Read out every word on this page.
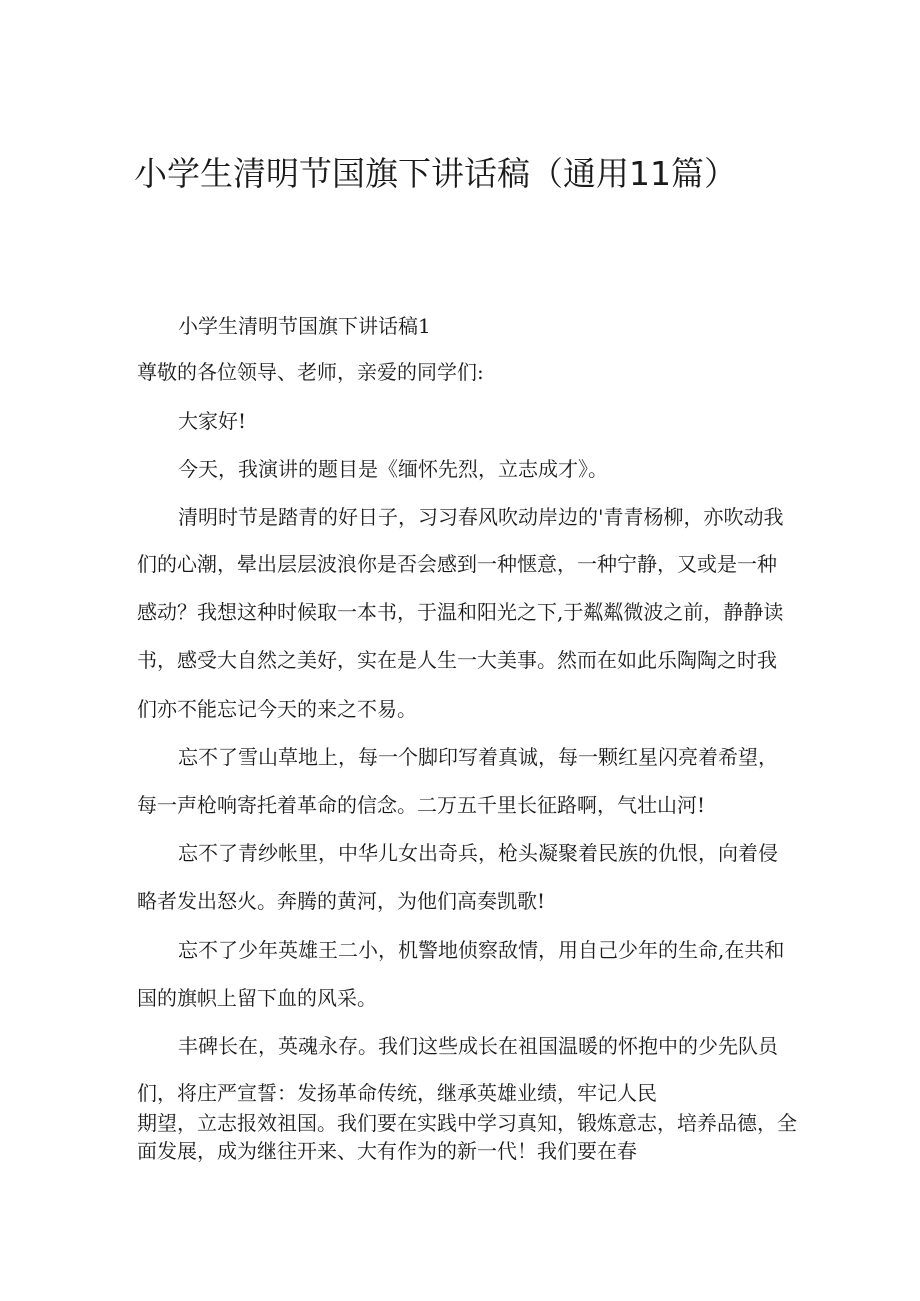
小学生清明节国旗下讲话稿（通用11篇）

小学生清明节国旗下讲话稿1

尊敬的各位领导、老师，亲爱的同学们:

大家好!

今天，我演讲的题目是《缅怀先烈，立志成才》。

清明时节是踏青的好日子，习习春风吹动岸边的'青青杨柳，亦吹动我

们的心潮，晕出层层波浪你是否会感到一种惬意，一种宁静，又或是一种

感动？我想这种时候取一本书，于温和阳光之下,于粼粼微波之前，静静读

书，感受大自然之美好，实在是人生一大美事。然而在如此乐陶陶之时我

们亦不能忘记今天的来之不易。

忘不了雪山草地上，每一个脚印写着真诚，每一颗红星闪亮着希望，

每一声枪响寄托着革命的信念。二万五千里长征路啊，气壮山河!

忘不了青纱帐里，中华儿女出奇兵，枪头凝聚着民族的仇恨，向着侵

略者发出怒火。奔腾的黄河，为他们高奏凯歌!

忘不了少年英雄王二小，机警地侦察敌情，用自己少年的生命,在共和

国的旗帜上留下血的风采。

丰碑长在，英魂永存。我们这些成长在祖国温暖的怀抱中的少先队员

们，将庄严宣誓：发扬革命传统，继承英雄业绩，牢记人民

期望，立志报效祖国。我们要在实践中学习真知，锻炼意志，培养品德，全

面发展，成为继往开来、大有作为的新一代！我们要在春
